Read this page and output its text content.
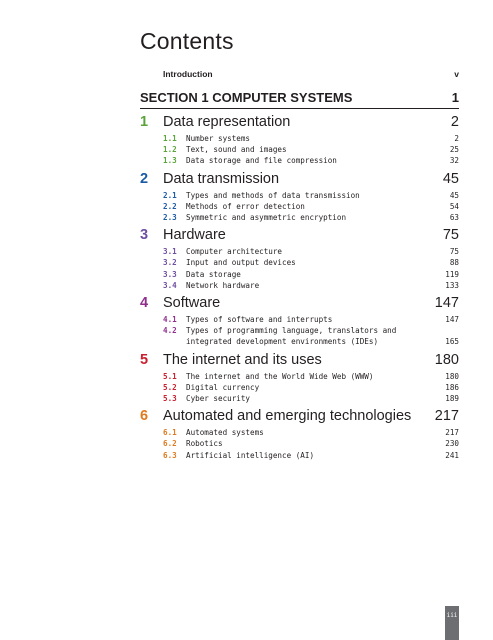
Contents
Introduction	v
SECTION 1 COMPUTER SYSTEMS	1
1	Data representation	2
1.1	Number systems	2
1.2	Text, sound and images	25
1.3	Data storage and file compression	32
2	Data transmission	45
2.1	Types and methods of data transmission	45
2.2	Methods of error detection	54
2.3	Symmetric and asymmetric encryption	63
3	Hardware	75
3.1	Computer architecture	75
3.2	Input and output devices	88
3.3	Data storage	119
3.4	Network hardware	133
4	Software	147
4.1	Types of software and interrupts	147
4.2	Types of programming language, translators and integrated development environments (IDEs)	165
5	The internet and its uses	180
5.1	The internet and the World Wide Web (WWW)	180
5.2	Digital currency	186
5.3	Cyber security	189
6	Automated and emerging technologies	217
6.1	Automated systems	217
6.2	Robotics	230
6.3	Artificial intelligence (AI)	241
iii
